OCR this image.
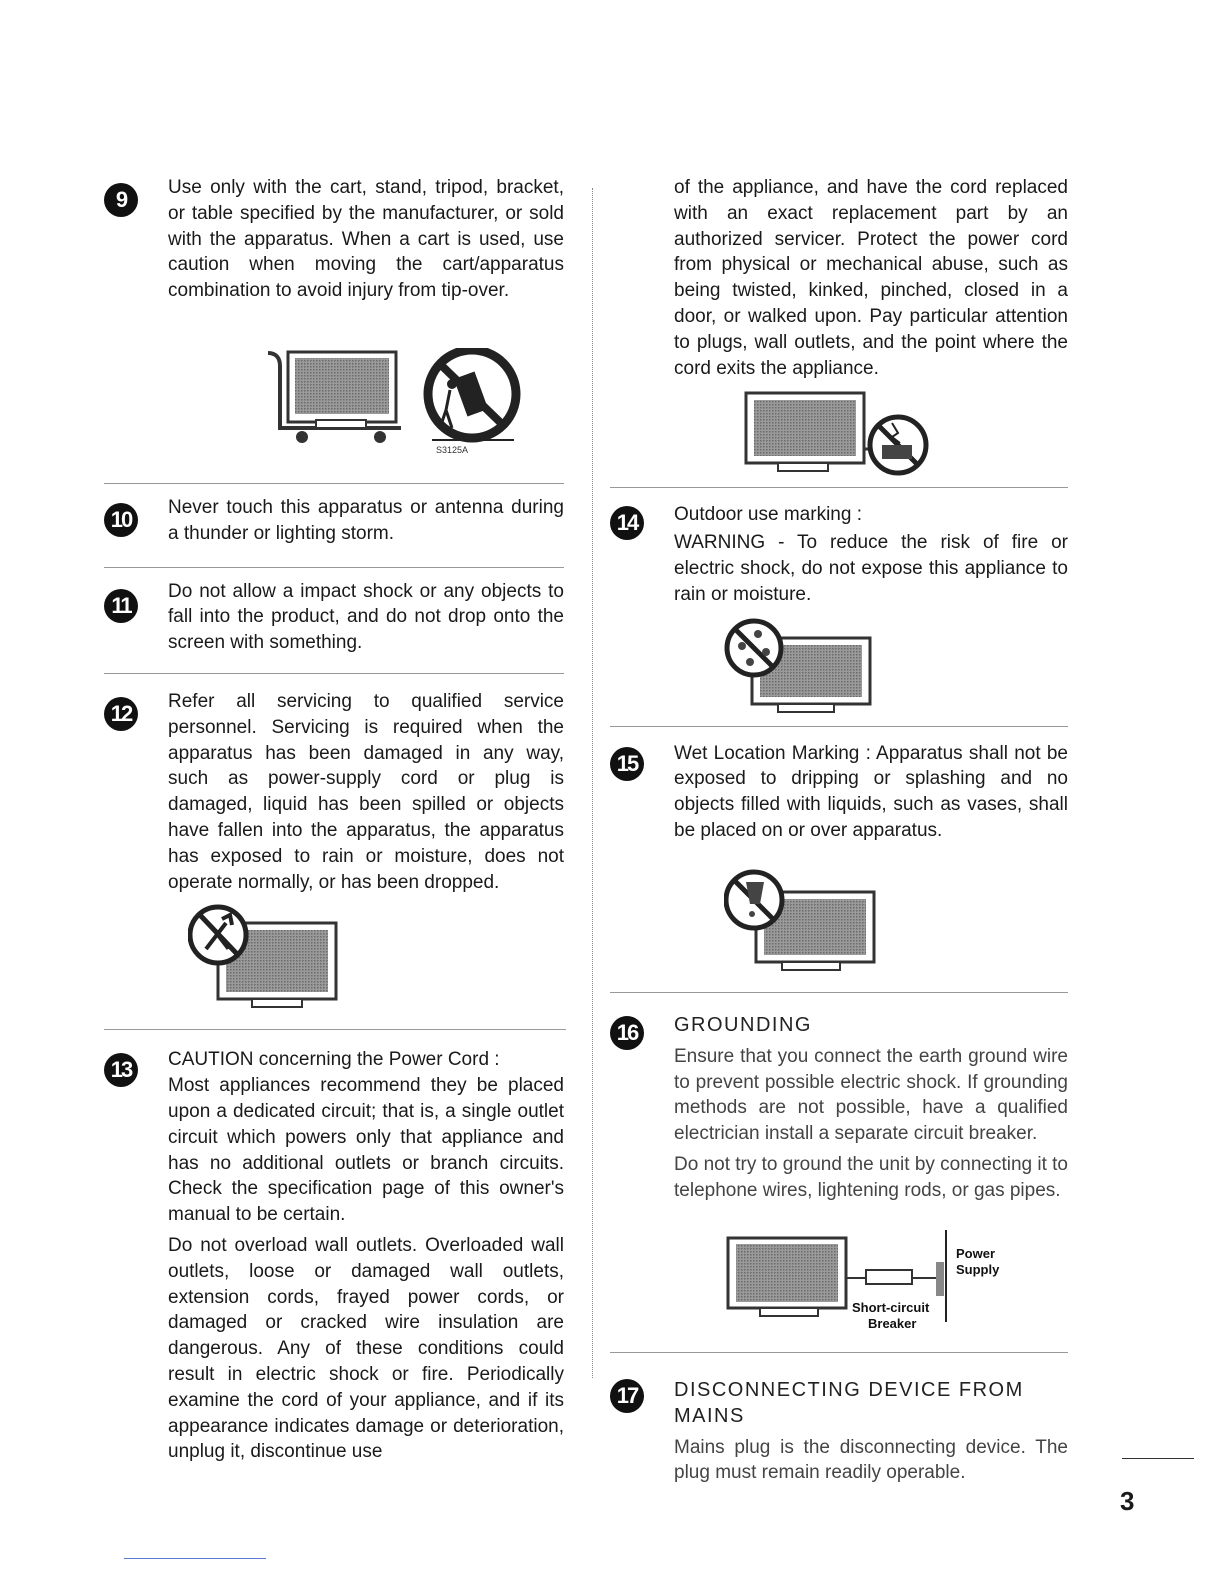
9	Use only with the cart, stand, tripod, bracket, or table specified by the manufacturer, or sold with the apparatus. When a cart is used, use caution when moving the cart/apparatus combination to avoid injury from tip-over.

S3125A
10	Never touch this apparatus or antenna during a thunder or lighting storm.

11

Do not allow a impact shock or any objects to fall into the product, and do not drop onto the screen with something.

12	Refer all servicing to qualified service personnel. Servicing is required when the apparatus has been damaged in any way, such as power-supply cord or plug is damaged, liquid has been spilled or objects have fallen into the apparatus, the apparatus has exposed to rain or moisture, does not operate normally, or has been dropped.

13	CAUTION concerning the Power Cord :

Most appliances recommend they be placed upon a dedicated circuit; that is, a single outlet circuit which powers only that appliance and has no additional outlets or branch circuits. Check the specification page of this owner's manual to be certain.

Do not overload wall outlets. Overloaded wall outlets, loose or damaged wall outlets, extension cords, frayed power cords, or damaged or cracked wire insulation are dangerous. Any of these conditions could result in electric shock or fire. Periodically examine the cord of your appliance, and if its appearance indicates damage or deterioration, unplug it, discontinue use

of the appliance, and have the cord replaced with an exact replacement part by an authorized servicer. Protect the power cord from physical or mechanical abuse, such as being twisted, kinked, pinched, closed in a door, or walked upon. Pay particular attention to plugs, wall outlets, and the point where the cord exits the appliance.

14	Outdoor use marking :

WARNING - To reduce the risk of fire or electric shock, do not expose this appliance to rain or moisture.

15	Wet Location Marking : Apparatus shall not be exposed to dripping or splashing and no objects filled with liquids, such as vases, shall be placed on or over apparatus.

16	GROUNDING

Ensure that you connect the earth ground wire to prevent possible electric shock. If grounding methods are not possible, have a qualified electrician install a separate circuit breaker.

Do not try to ground the unit by connecting it to telephone wires, lightening rods, or gas pipes.

Power
Supply
Short-circuit
Breaker
17	DISCONNECTING DEVICE FROM MAINS

Mains plug is the disconnecting device. The plug must remain readily operable.

3
